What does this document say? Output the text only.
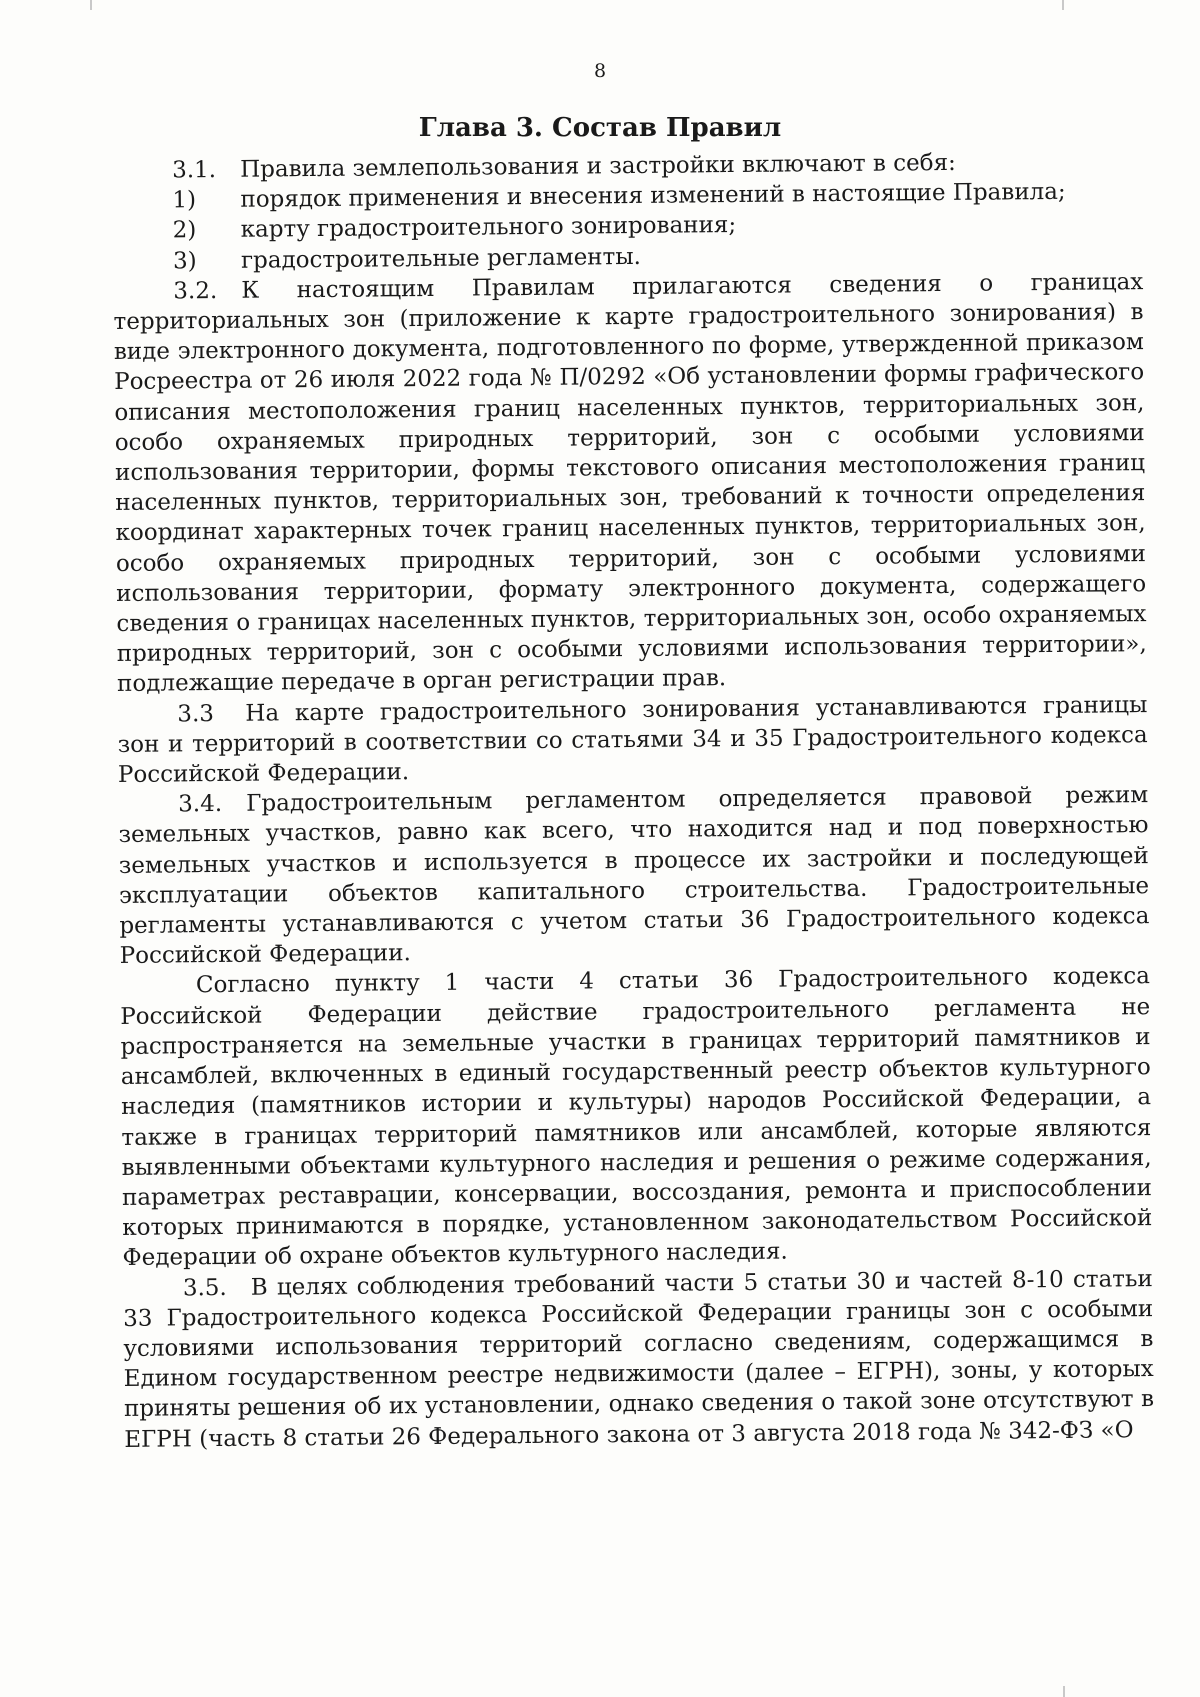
8
Глава 3. Состав Правил
3.1.	Правила землепользования и застройки включают в себя:
1)	порядок применения и внесения изменений в настоящие Правила;
2)	карту градостроительного зонирования;
3)	градостроительные регламенты.

3.2. К настоящим Правилам прилагаются сведения о границах территориальных зон (приложение к карте градостроительного зонирования) в виде электронного документа, подготовленного по форме, утвержденной приказом Росреестра от 26 июля 2022 года № П/0292 «Об установлении формы графического описания местоположения границ населенных пунктов, территориальных зон, особо охраняемых природных территорий, зон с особыми условиями использования территории, формы текстового описания местоположения границ населенных пунктов, территориальных зон, требований к точности определения координат характерных точек границ населенных пунктов, территориальных зон, особо охраняемых природных территорий, зон с особыми условиями использования территории, формату электронного документа, содержащего сведения о границах населенных пунктов, территориальных зон, особо охраняемых природных территорий, зон с особыми условиями использования территории», подлежащие передаче в орган регистрации прав.

3.3 На карте градостроительного зонирования устанавливаются границы зон и территорий в соответствии со статьями 34 и 35 Градостроительного кодекса Российской Федерации.

3.4. Градостроительным регламентом определяется правовой режим земельных участков, равно как всего, что находится над и под поверхностью земельных участков и используется в процессе их застройки и последующей эксплуатации объектов капитального строительства. Градостроительные регламенты устанавливаются с учетом статьи 36 Градостроительного кодекса Российской Федерации.

Согласно пункту 1 части 4 статьи 36 Градостроительного кодекса Российской Федерации действие градостроительного регламента не распространяется на земельные участки в границах территорий памятников и ансамблей, включенных в единый государственный реестр объектов культурного наследия (памятников истории и культуры) народов Российской Федерации, а также в границах территорий памятников или ансамблей, которые являются выявленными объектами культурного наследия и решения о режиме содержания, параметрах реставрации, консервации, воссоздания, ремонта и приспособлении которых принимаются в порядке, установленном законодательством Российской Федерации об охране объектов культурного наследия.

3.5. В целях соблюдения требований части 5 статьи 30 и частей 8-10 статьи 33 Градостроительного кодекса Российской Федерации границы зон с особыми условиями использования территорий согласно сведениям, содержащимся в Едином государственном реестре недвижимости (далее – ЕГРН), зоны, у которых приняты решения об их установлении, однако сведения о такой зоне отсутствуют в ЕГРН (часть 8 статьи 26 Федерального закона от 3 августа 2018 года № 342-ФЗ «О
